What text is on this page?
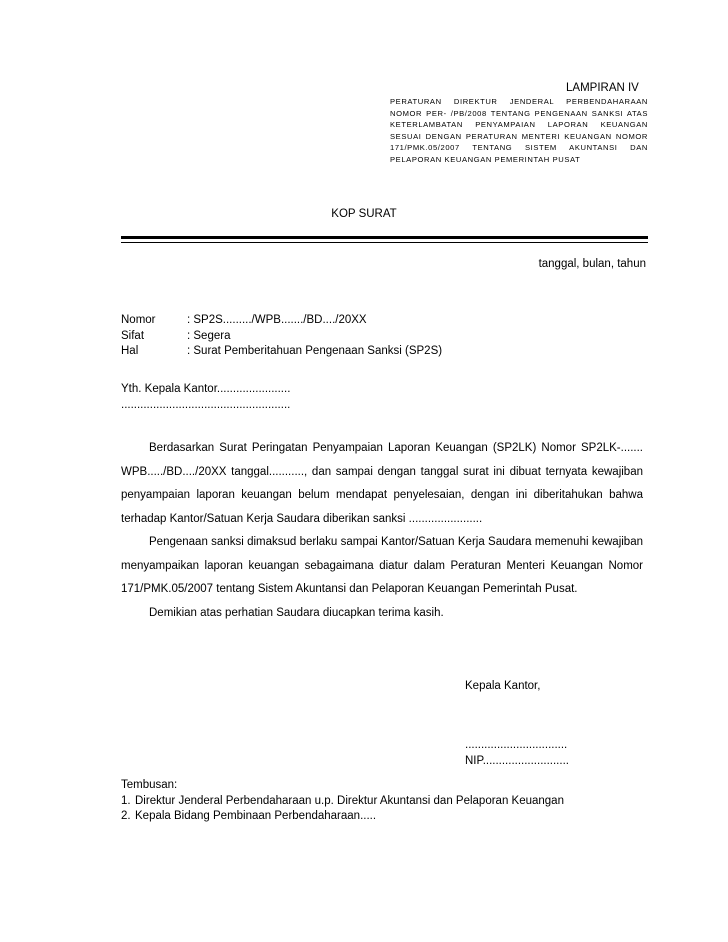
LAMPIRAN IV
PERATURAN DIREKTUR JENDERAL PERBENDAHARAAN NOMOR PER- /PB/2008 TENTANG PENGENAAN SANKSI ATAS KETERLAMBATAN PENYAMPAIAN LAPORAN KEUANGAN SESUAI DENGAN PERATURAN MENTERI KEUANGAN NOMOR 171/PMK.05/2007 TENTANG SISTEM AKUNTANSI DAN PELAPORAN KEUANGAN PEMERINTAH PUSAT
KOP SURAT
tanggal, bulan, tahun
Nomor	: SP2S........./WPB......./BD..../20XX
Sifat	: Segera
Hal	: Surat Pemberitahuan Pengenaan Sanksi (SP2S)
Yth. Kepala Kantor.......................
.....................................................

Berdasarkan Surat Peringatan Penyampaian Laporan Keuangan (SP2LK) Nomor SP2LK-....... WPB...../BD..../20XX tanggal..........., dan sampai dengan tanggal surat ini dibuat ternyata kewajiban penyampaian laporan keuangan belum mendapat penyelesaian, dengan ini diberitahukan bahwa terhadap Kantor/Satuan Kerja Saudara diberikan sanksi .......................

Pengenaan sanksi dimaksud berlaku sampai Kantor/Satuan Kerja Saudara memenuhi kewajiban menyampaikan laporan keuangan sebagaimana diatur dalam Peraturan Menteri Keuangan Nomor 171/PMK.05/2007 tentang Sistem Akuntansi dan Pelaporan Keuangan Pemerintah Pusat.

Demikian atas perhatian Saudara diucapkan terima kasih.

Kepala Kantor,
................................
NIP...........................
Tembusan:
1. Direktur Jenderal Perbendaharaan u.p. Direktur Akuntansi dan Pelaporan Keuangan
2. Kepala Bidang Pembinaan Perbendaharaan.....
